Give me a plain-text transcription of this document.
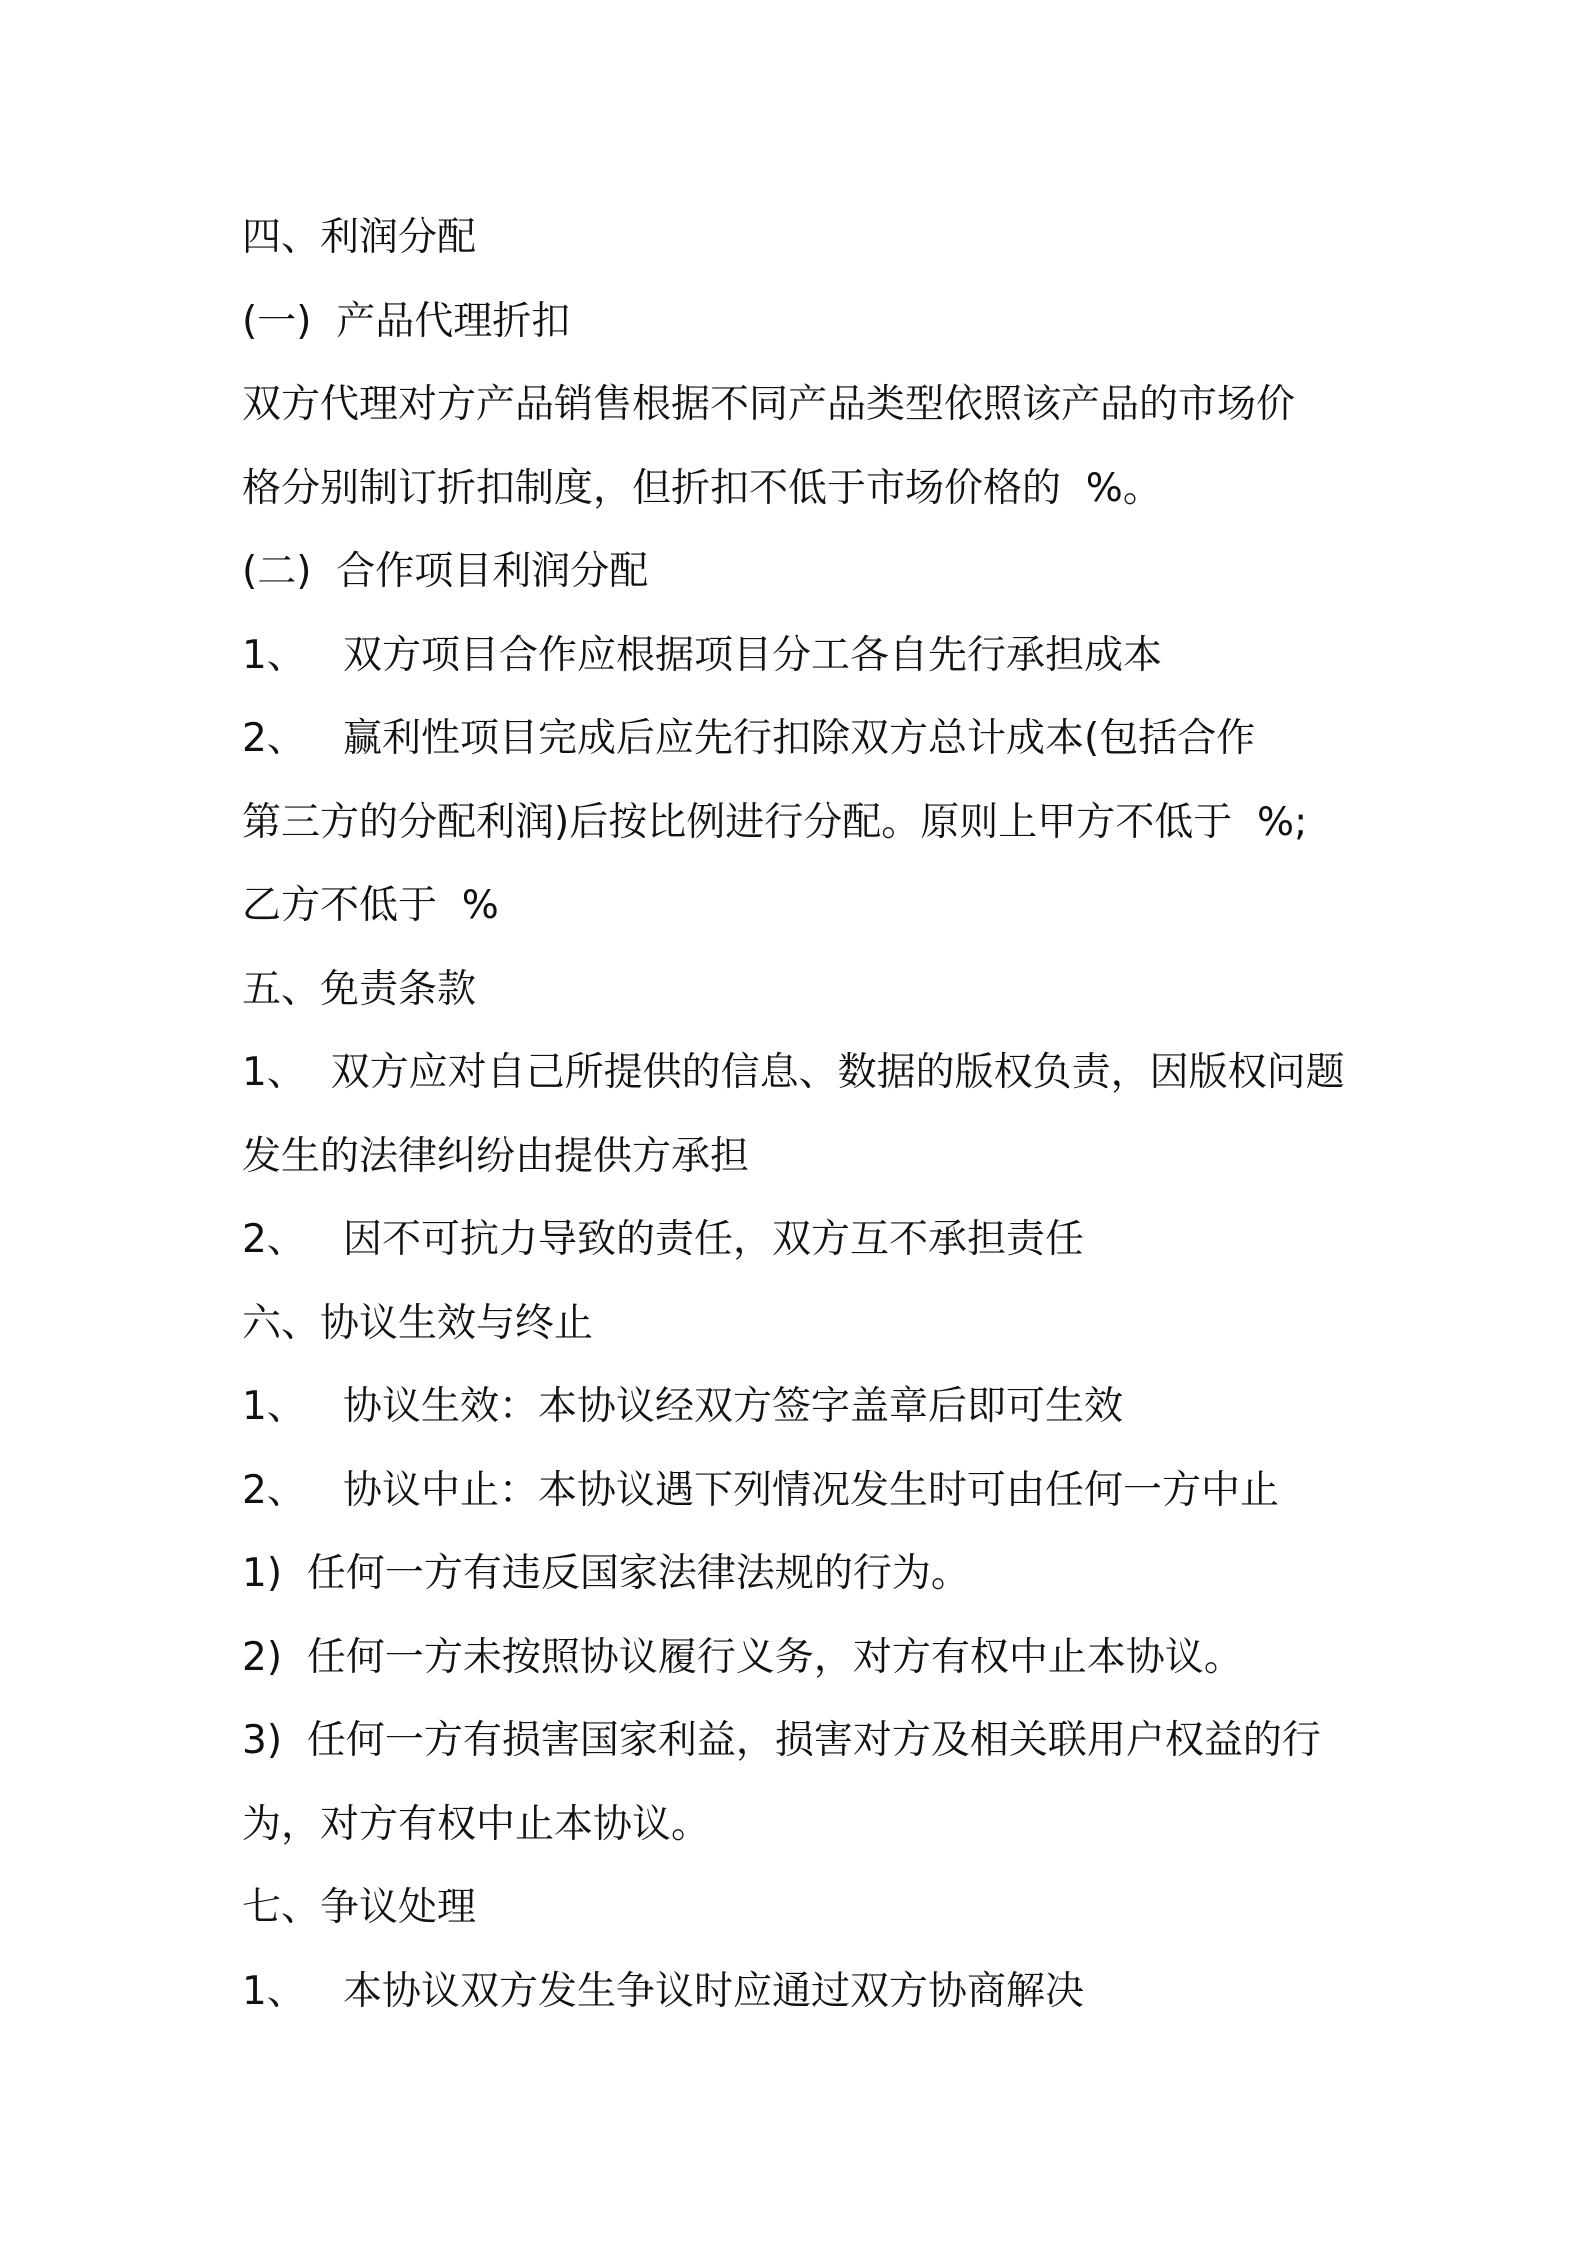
四、利润分配
(一)  产品代理折扣
双方代理对方产品销售根据不同产品类型依照该产品的市场价
格分别制订折扣制度，但折扣不低于市场价格的  %。
(二)  合作项目利润分配
1、   双方项目合作应根据项目分工各自先行承担成本
2、   赢利性项目完成后应先行扣除双方总计成本(包括合作
第三方的分配利润)后按比例进行分配。原则上甲方不低于  %;
乙方不低于  %
五、免责条款
1、  双方应对自己所提供的信息、数据的版权负责，因版权问题
发生的法律纠纷由提供方承担
2、   因不可抗力导致的责任，双方互不承担责任
六、协议生效与终止
1、   协议生效：本协议经双方签字盖章后即可生效
2、   协议中止：本协议遇下列情况发生时可由任何一方中止
1)  任何一方有违反国家法律法规的行为。
2)  任何一方未按照协议履行义务，对方有权中止本协议。
3)  任何一方有损害国家利益，损害对方及相关联用户权益的行
为，对方有权中止本协议。
七、争议处理
1、   本协议双方发生争议时应通过双方协商解决
